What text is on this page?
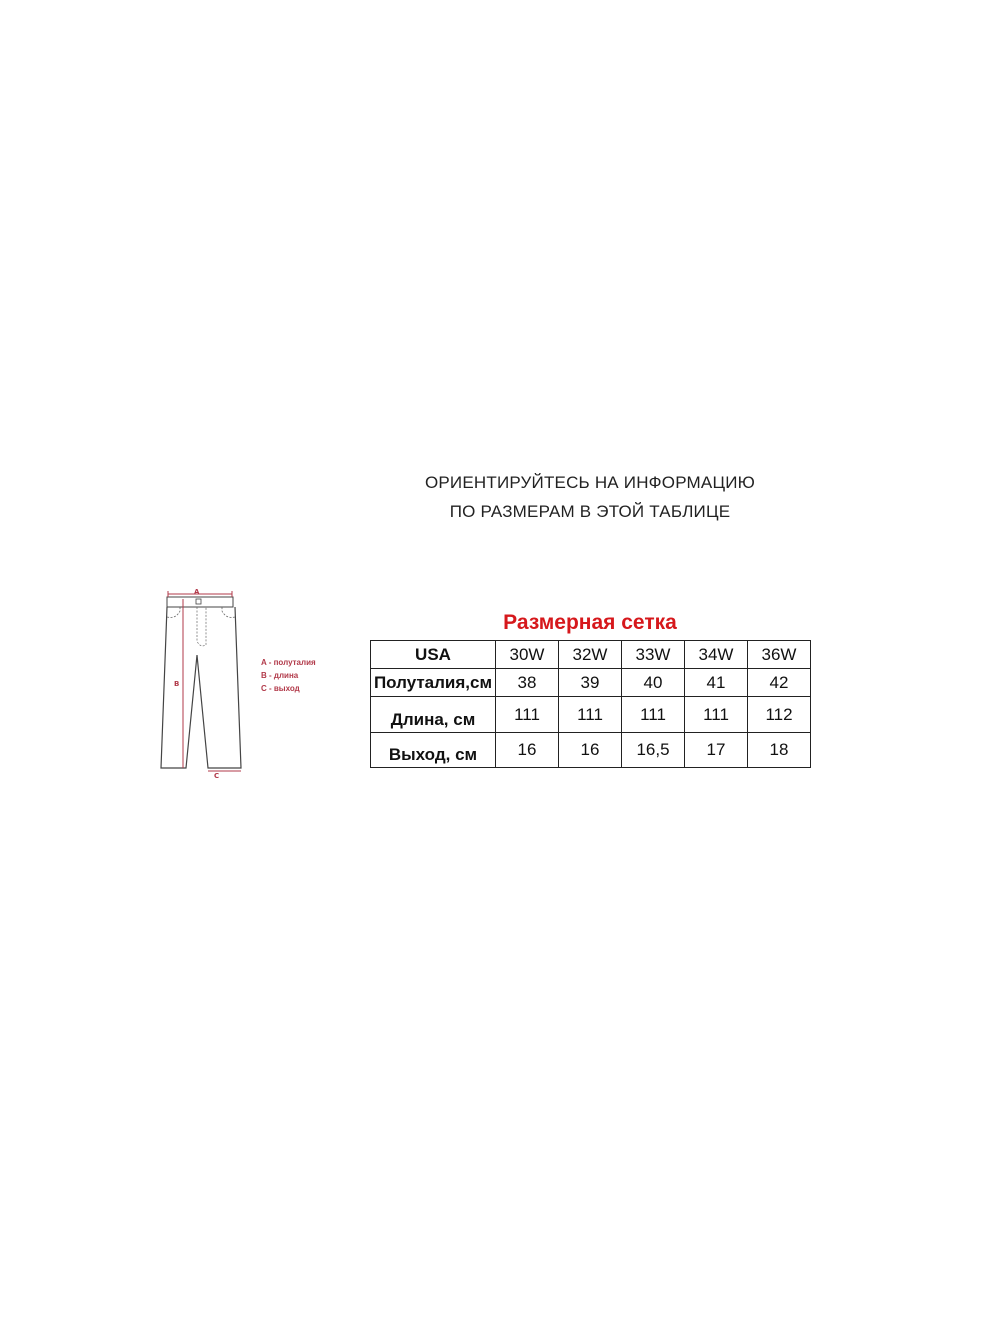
ОРИЕНТИРУЙТЕСЬ НА ИНФОРМАЦИЮ
ПО РАЗМЕРАМ В ЭТОЙ ТАБЛИЦЕ
A
B
C
A - полуталия
B - длина
C - выход
Размерная сетка
USA	30W	32W	33W	34W	36W
Полуталия,см	38	39	40	41	42
Длина, см	111	111	111	111	112
Выход, см	16	16	16,5	17	18
